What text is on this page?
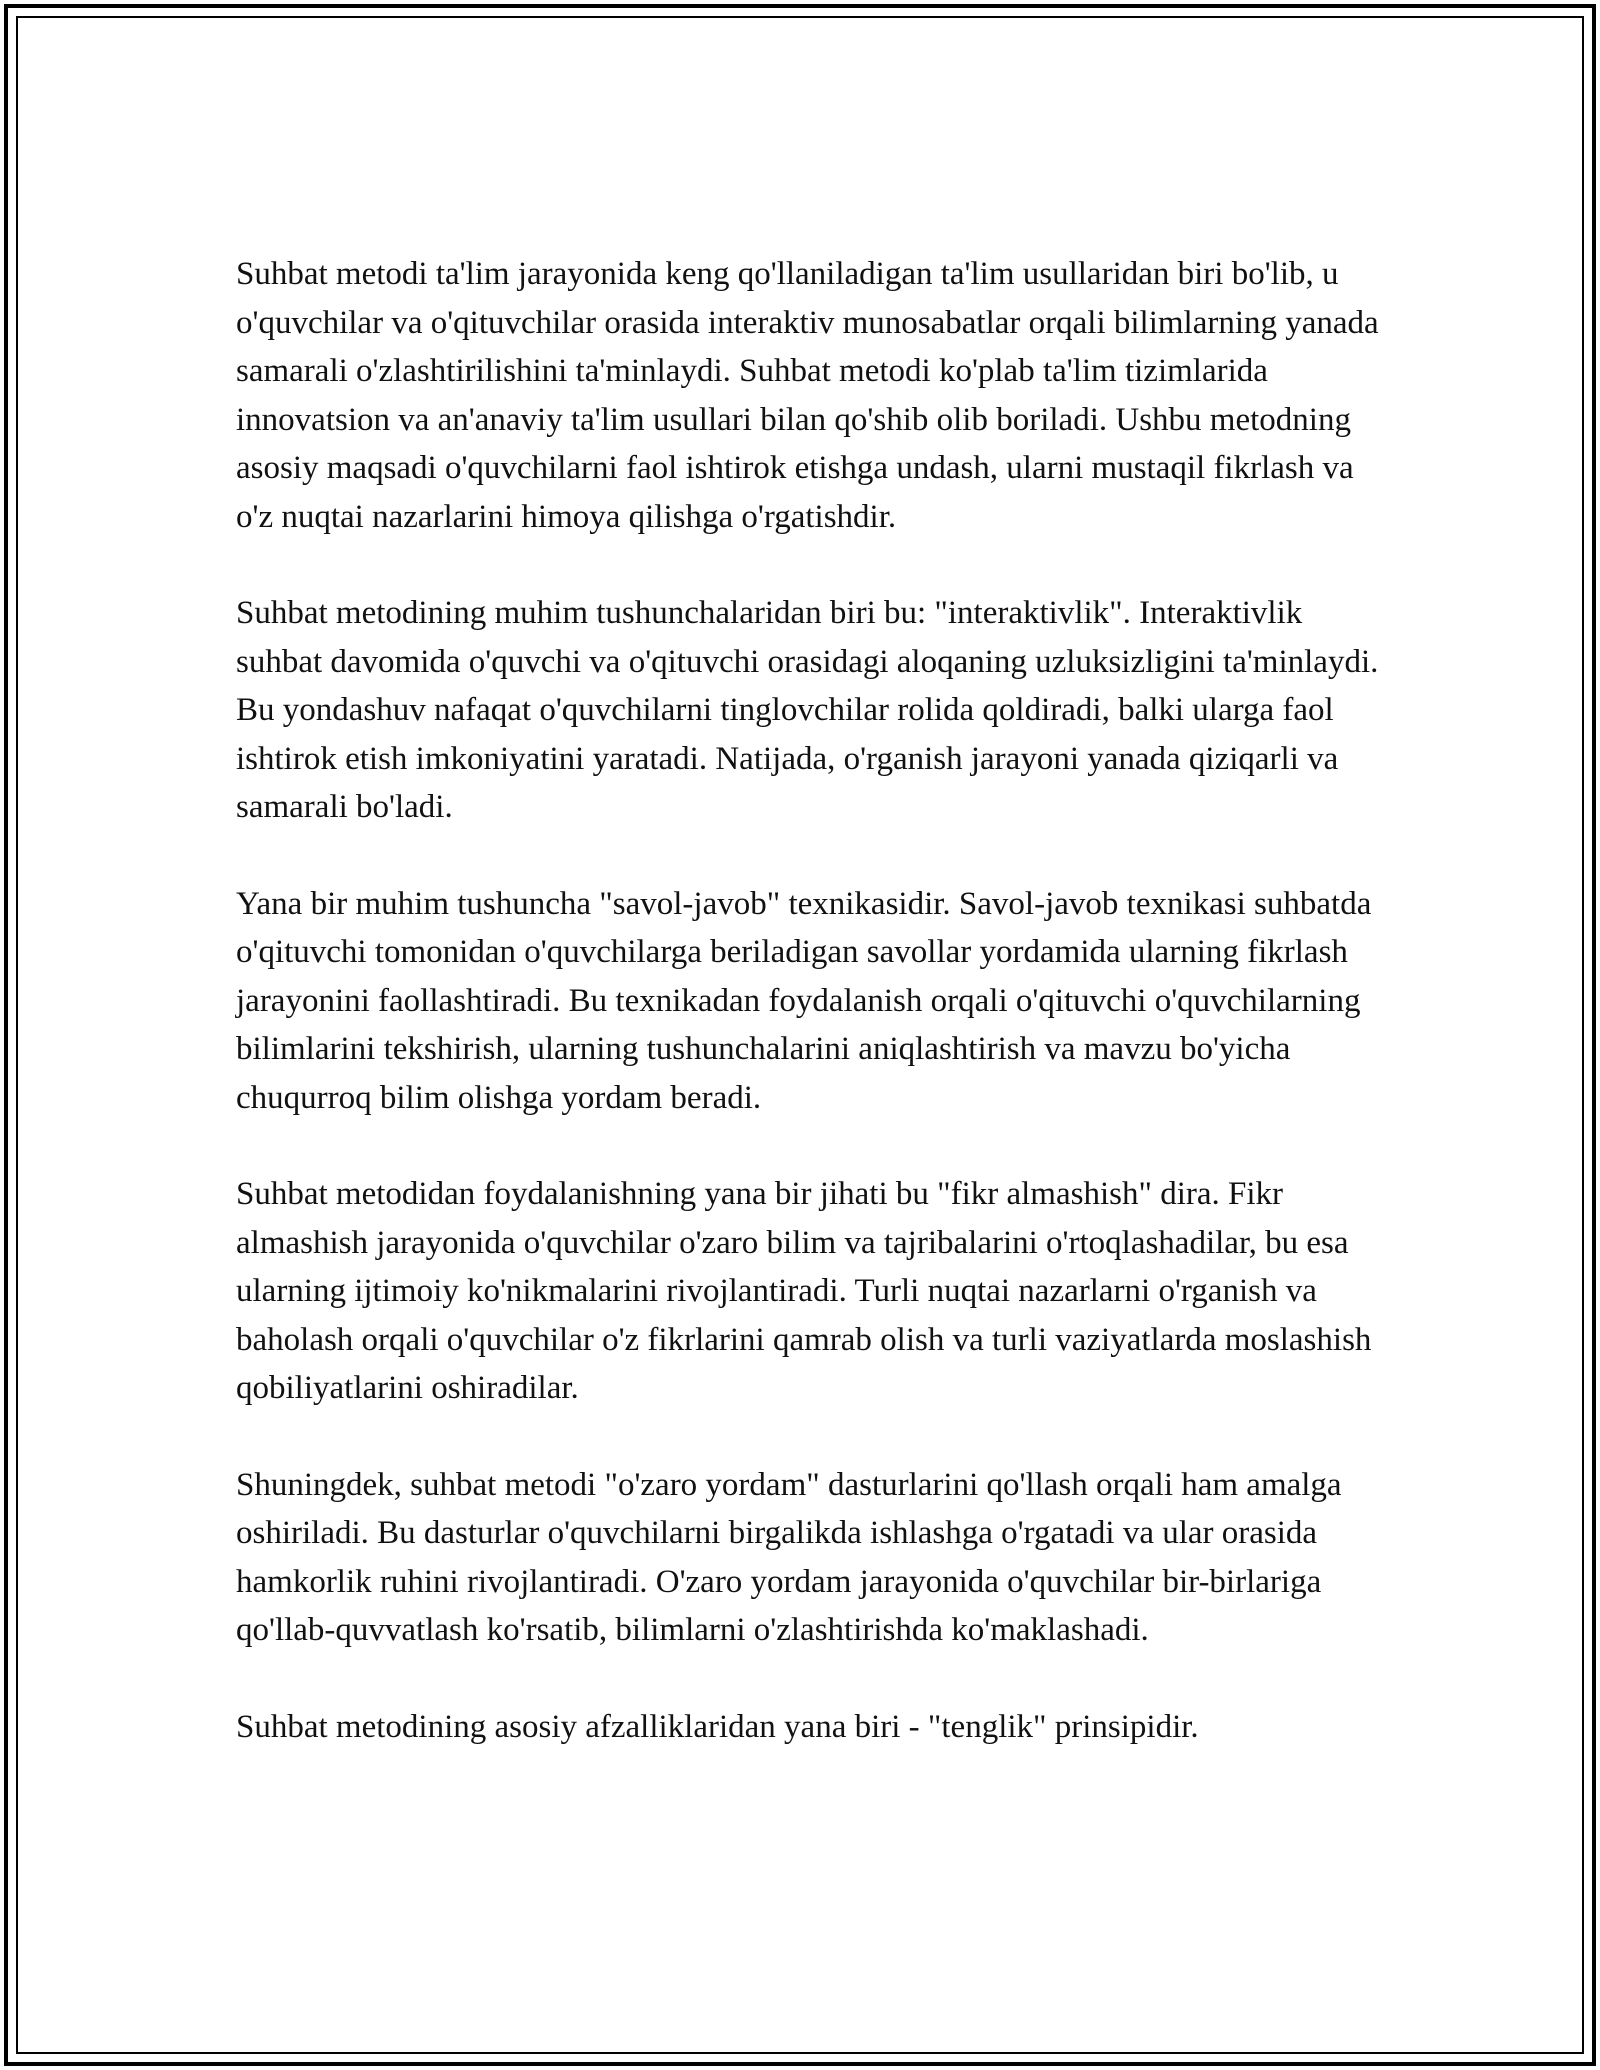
Suhbat metodi ta'lim jarayonida keng qo'llaniladigan ta'lim usullaridan biri bo'lib, u o'quvchilar va o'qituvchilar orasida interaktiv munosabatlar orqali bilimlarning yanada samarali o'zlashtirilishini ta'minlaydi. Suhbat metodi ko'plab ta'lim tizimlarida innovatsion va an'anaviy ta'lim usullari bilan qo'shib olib boriladi. Ushbu metodning asosiy maqsadi o'quvchilarni faol ishtirok etishga undash, ularni mustaqil fikrlash va o'z nuqtai nazarlarini himoya qilishga o'rgatishdir.

Suhbat metodining muhim tushunchalaridan biri bu: "interaktivlik". Interaktivlik suhbat davomida o'quvchi va o'qituvchi orasidagi aloqaning uzluksizligini ta'minlaydi. Bu yondashuv nafaqat o'quvchilarni tinglovchilar rolida qoldiradi, balki ularga faol ishtirok etish imkoniyatini yaratadi. Natijada, o'rganish jarayoni yanada qiziqarli va samarali bo'ladi.

Yana bir muhim tushuncha "savol-javob" texnikasidir. Savol-javob texnikasi suhbatda o'qituvchi tomonidan o'quvchilarga beriladigan savollar yordamida ularning fikrlash jarayonini faollashtiradi. Bu texnikadan foydalanish orqali o'qituvchi o'quvchilarning bilimlarini tekshirish, ularning tushunchalarini aniqlashtirish va mavzu bo'yicha chuqurroq bilim olishga yordam beradi.

Suhbat metodidan foydalanishning yana bir jihati bu "fikr almashish" dira. Fikr almashish jarayonida o'quvchilar o'zaro bilim va tajribalarini o'rtoqlashadilar, bu esa ularning ijtimoiy ko'nikmalarini rivojlantiradi. Turli nuqtai nazarlarni o'rganish va baholash orqali o'quvchilar o'z fikrlarini qamrab olish va turli vaziyatlarda moslashish qobiliyatlarini oshiradilar.

Shuningdek, suhbat metodi "o'zaro yordam" dasturlarini qo'llash orqali ham amalga oshiriladi. Bu dasturlar o'quvchilarni birgalikda ishlashga o'rgatadi va ular orasida hamkorlik ruhini rivojlantiradi. O'zaro yordam jarayonida o'quvchilar bir-birlariga qo'llab-quvvatlash ko'rsatib, bilimlarni o'zlashtirishda ko'maklashadi.

Suhbat metodining asosiy afzalliklaridan yana biri - "tenglik" prinsipidir.
